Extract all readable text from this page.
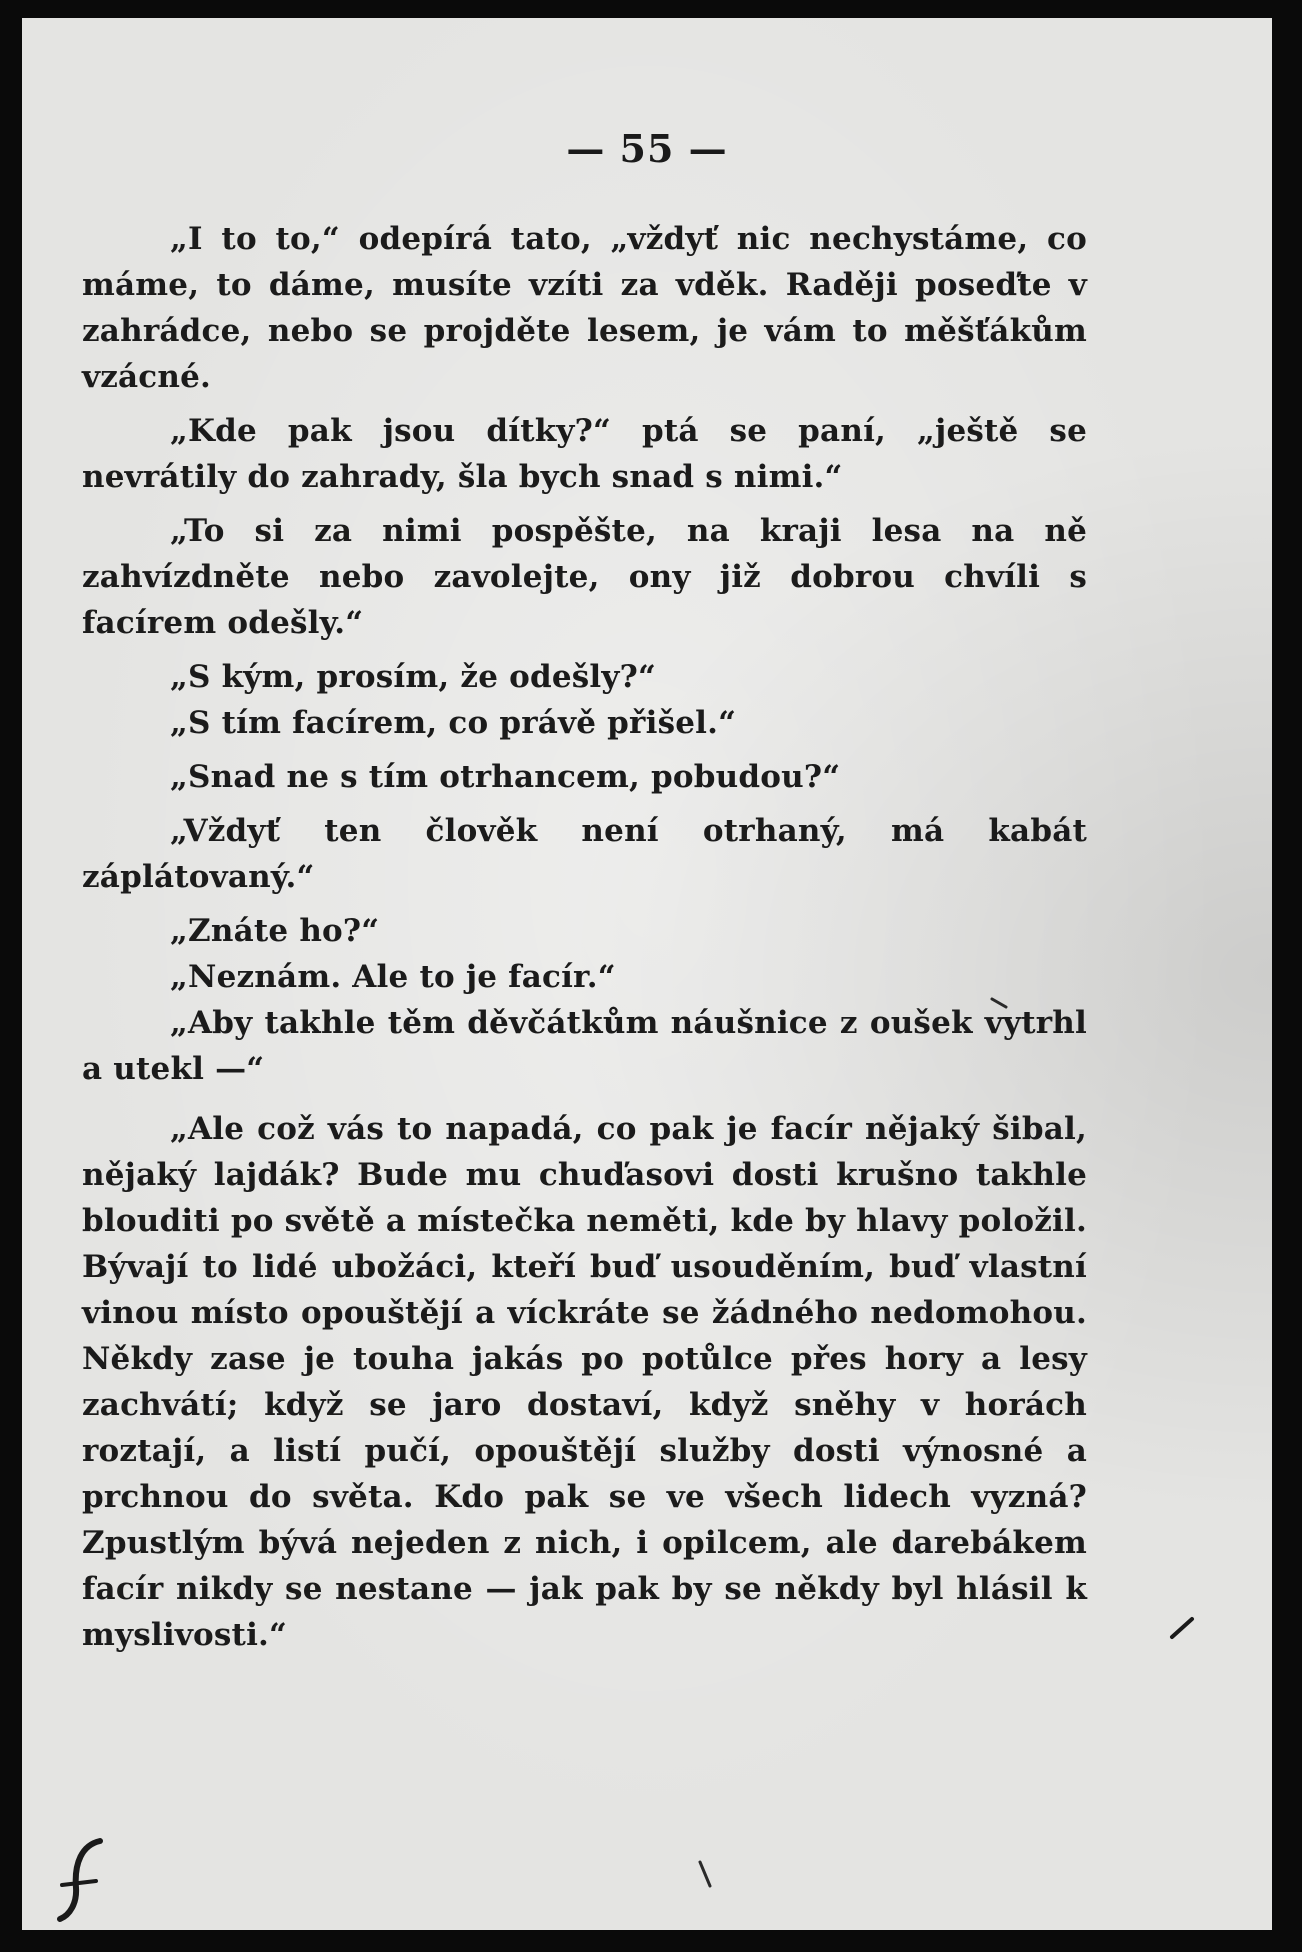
— 55 —

„I to to,“ odepírá tato, „vždyť nic nechystáme, co máme, to dáme, musíte vzíti za vděk. Raději poseďte v zahrádce, nebo se projděte lesem, je vám to měšťákům vzácné.

„Kde pak jsou dítky?“ ptá se paní, „ještě se nevrátily do zahrady, šla bych snad s nimi.“

„To si za nimi pospěšte, na kraji lesa na ně zahvízdněte nebo zavolejte, ony již dobrou chvíli s facírem odešly.“

„S kým, prosím, že odešly?“

„S tím facírem, co právě přišel.“

„Snad ne s tím otrhancem, pobudou?“

„Vždyť ten člověk není otrhaný, má kabát záplátovaný.“

„Znáte ho?“

„Neznám. Ale to je facír.“

„Aby takhle těm děvčátkům náušnice z oušek vytrhl a utekl —“

„Ale což vás to napadá, co pak je facír nějaký šibal, nějaký lajdák? Bude mu chuďasovi dosti krušno takhle blouditi po světě a místečka neměti, kde by hlavy položil. Bývají to lidé ubožáci, kteří buď usouděním, buď vlastní vinou místo opouštějí a víckráte se žádného nedomohou. Někdy zase je touha jakás po potůlce přes hory a lesy zachvátí; když se jaro dostaví, když sněhy v horách roztají, a listí pučí, opouštějí služby dosti výnosné a prchnou do světa. Kdo pak se ve všech lidech vyzná? Zpustlým bývá nejeden z nich, i opilcem, ale darebákem facír nikdy se nestane — jak pak by se někdy byl hlásil k myslivosti.“
